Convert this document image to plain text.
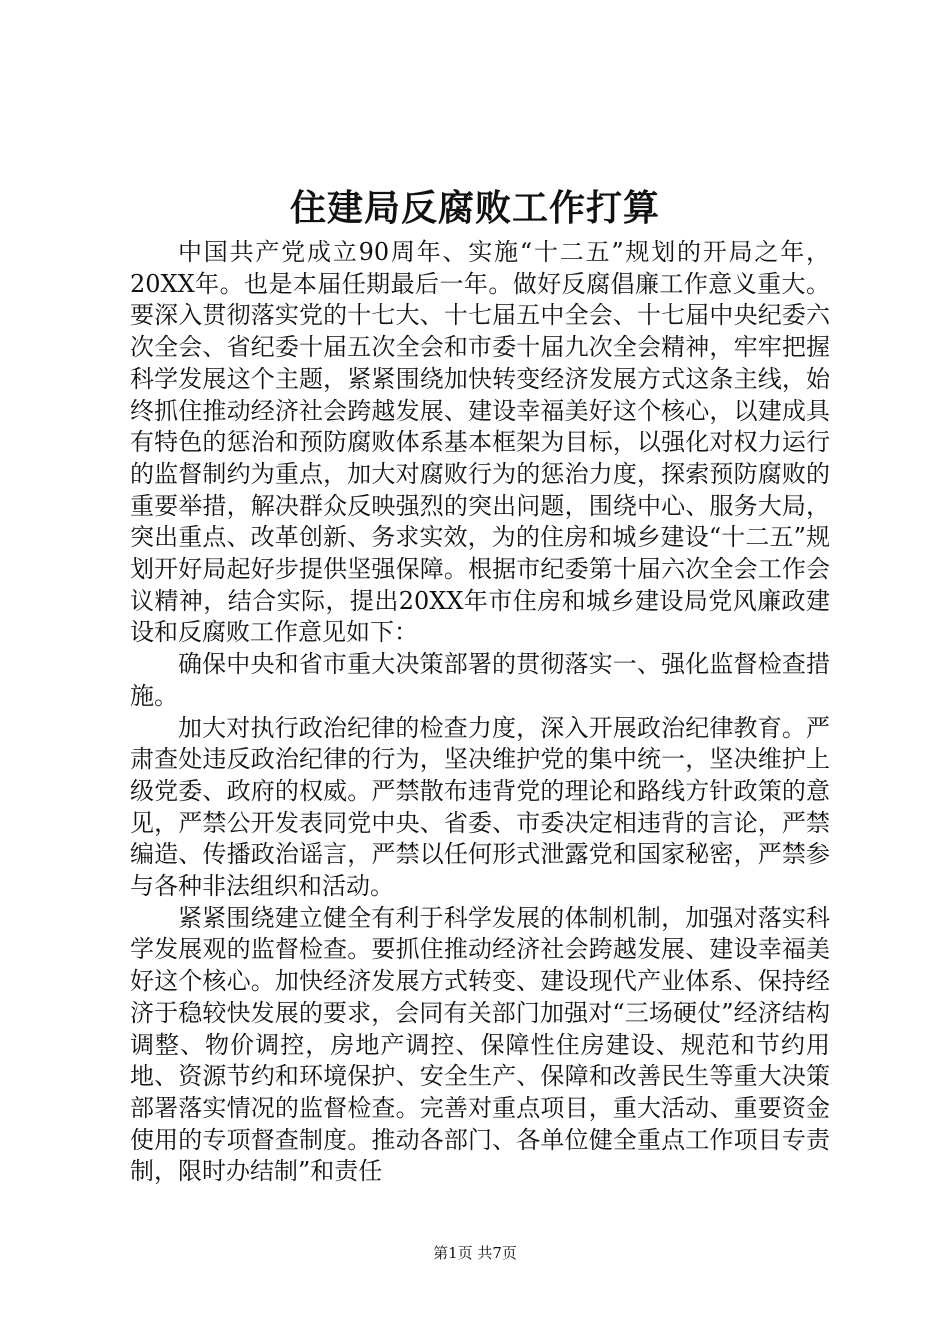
住建局反腐败工作打算

中国共产党成立90周年、实施“十二五”规划的开局之年，20XX年。也是本届任期最后一年。做好反腐倡廉工作意义重大。要深入贯彻落实党的十七大、十七届五中全会、十七届中央纪委六次全会、省纪委十届五次全会和市委十届九次全会精神，牢牢把握科学发展这个主题，紧紧围绕加快转变经济发展方式这条主线，始终抓住推动经济社会跨越发展、建设幸福美好这个核心，以建成具有特色的惩治和预防腐败体系基本框架为目标，以强化对权力运行的监督制约为重点，加大对腐败行为的惩治力度，探索预防腐败的重要举措，解决群众反映强烈的突出问题，围绕中心、服务大局，突出重点、改革创新、务求实效，为的住房和城乡建设“十二五”规划开好局起好步提供坚强保障。根据市纪委第十届六次全会工作会议精神，结合实际，提出20XX年市住房和城乡建设局党风廉政建设和反腐败工作意见如下：

确保中央和省市重大决策部署的贯彻落实一、强化监督检查措施。

加大对执行政治纪律的检查力度，深入开展政治纪律教育。严肃查处违反政治纪律的行为，坚决维护党的集中统一，坚决维护上级党委、政府的权威。严禁散布违背党的理论和路线方针政策的意见，严禁公开发表同党中央、省委、市委决定相违背的言论，严禁编造、传播政治谣言，严禁以任何形式泄露党和国家秘密，严禁参与各种非法组织和活动。

紧紧围绕建立健全有利于科学发展的体制机制，加强对落实科学发展观的监督检查。要抓住推动经济社会跨越发展、建设幸福美好这个核心。加快经济发展方式转变、建设现代产业体系、保持经济于稳较快发展的要求，会同有关部门加强对“三场硬仗”经济结构调整、物价调控，房地产调控、保障性住房建设、规范和节约用地、资源节约和环境保护、安全生产、保障和改善民生等重大决策部署落实情况的监督检查。完善对重点项目，重大活动、重要资金使用的专项督查制度。推动各部门、各单位健全重点工作项目专责制，限时办结制”和责任

第1页 共7页
